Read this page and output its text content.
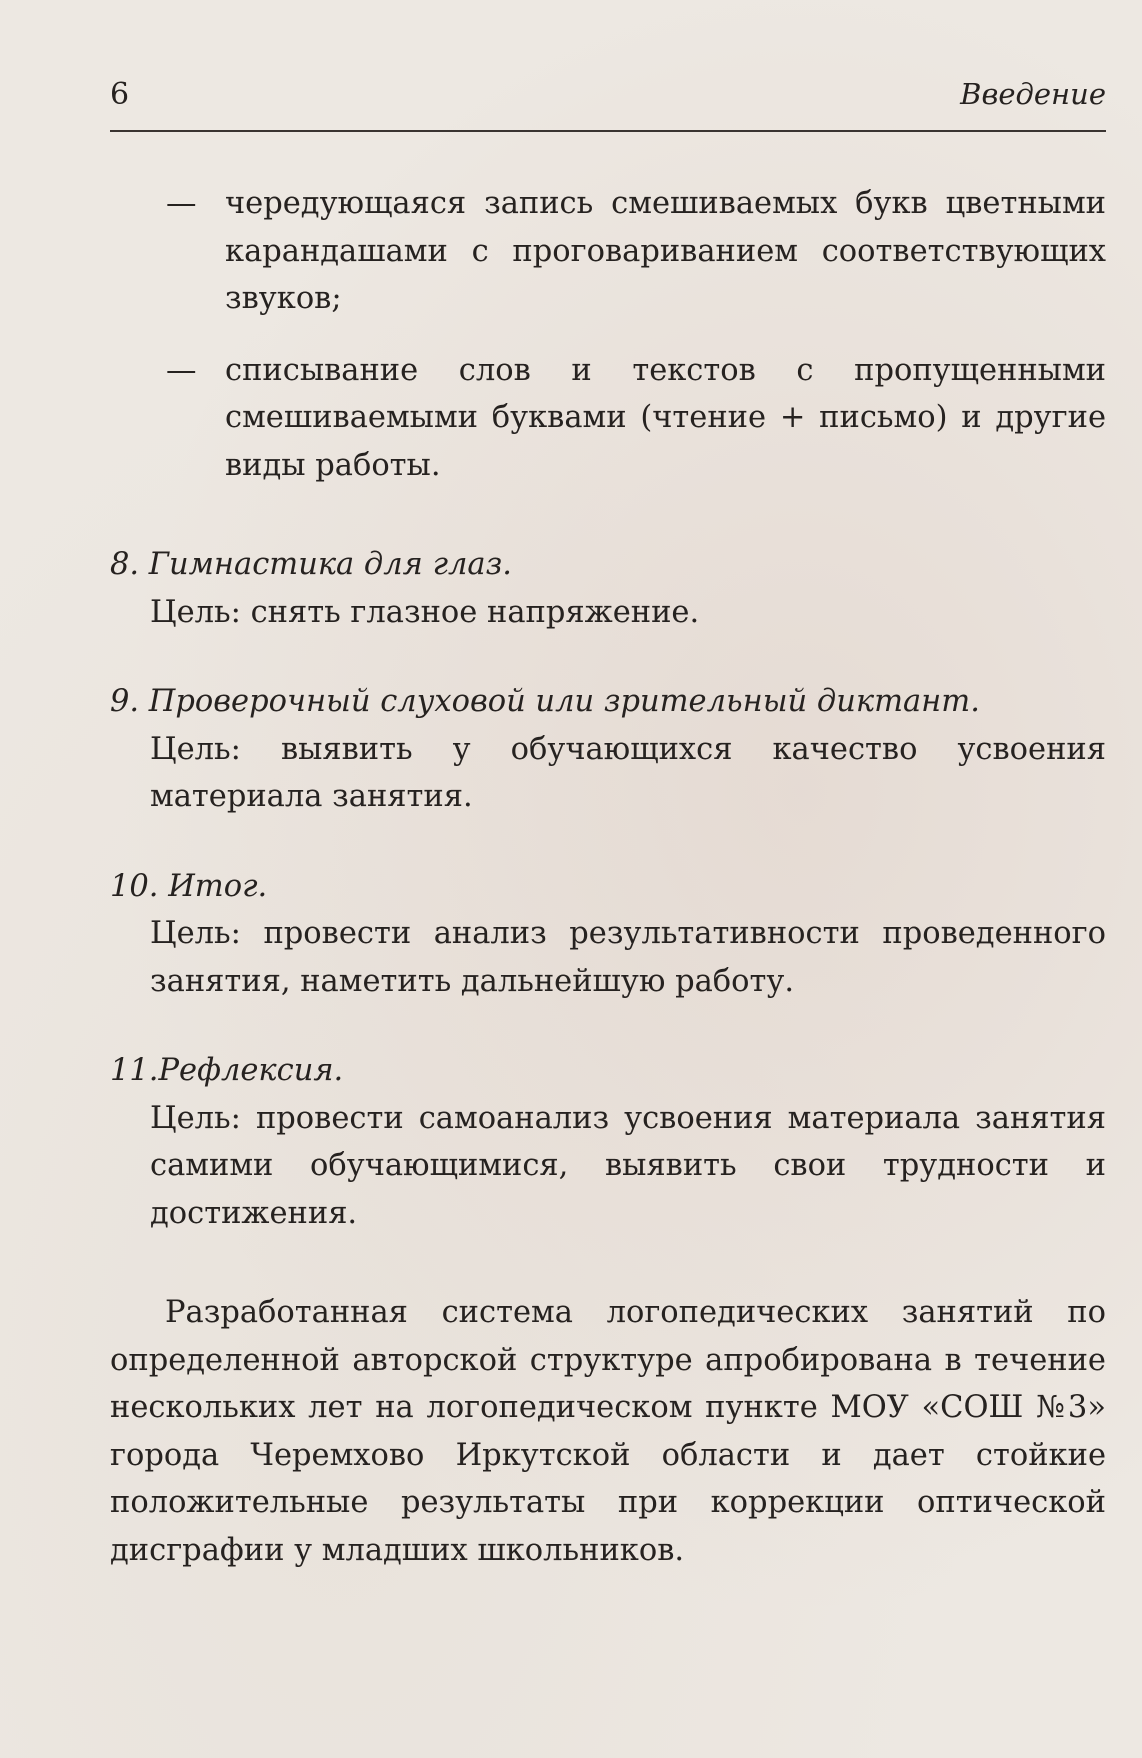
6	Введение

— чередующаяся запись смешиваемых букв цветными карандашами с проговариванием соответствующих звуков;

— списывание слов и текстов с пропущенными смешиваемыми буквами (чтение + письмо) и другие виды работы.

8. Гимнастика для глаз.

Цель: снять глазное напряжение.

9. Проверочный слуховой или зрительный диктант.

Цель: выявить у обучающихся качество усвоения материала занятия.

10. Итог.

Цель: провести анализ результативности проведенного занятия, наметить дальнейшую работу.

11.Рефлексия.

Цель: провести самоанализ усвоения материала занятия самими обучающимися, выявить свои трудности и достижения.

Разработанная система логопедических занятий по определенной авторской структуре апробирована в течение нескольких лет на логопедическом пункте МОУ «СОШ №3» города Черемхово Иркутской области и дает стойкие положительные результаты при коррекции оптической дисграфии у младших школьников.
